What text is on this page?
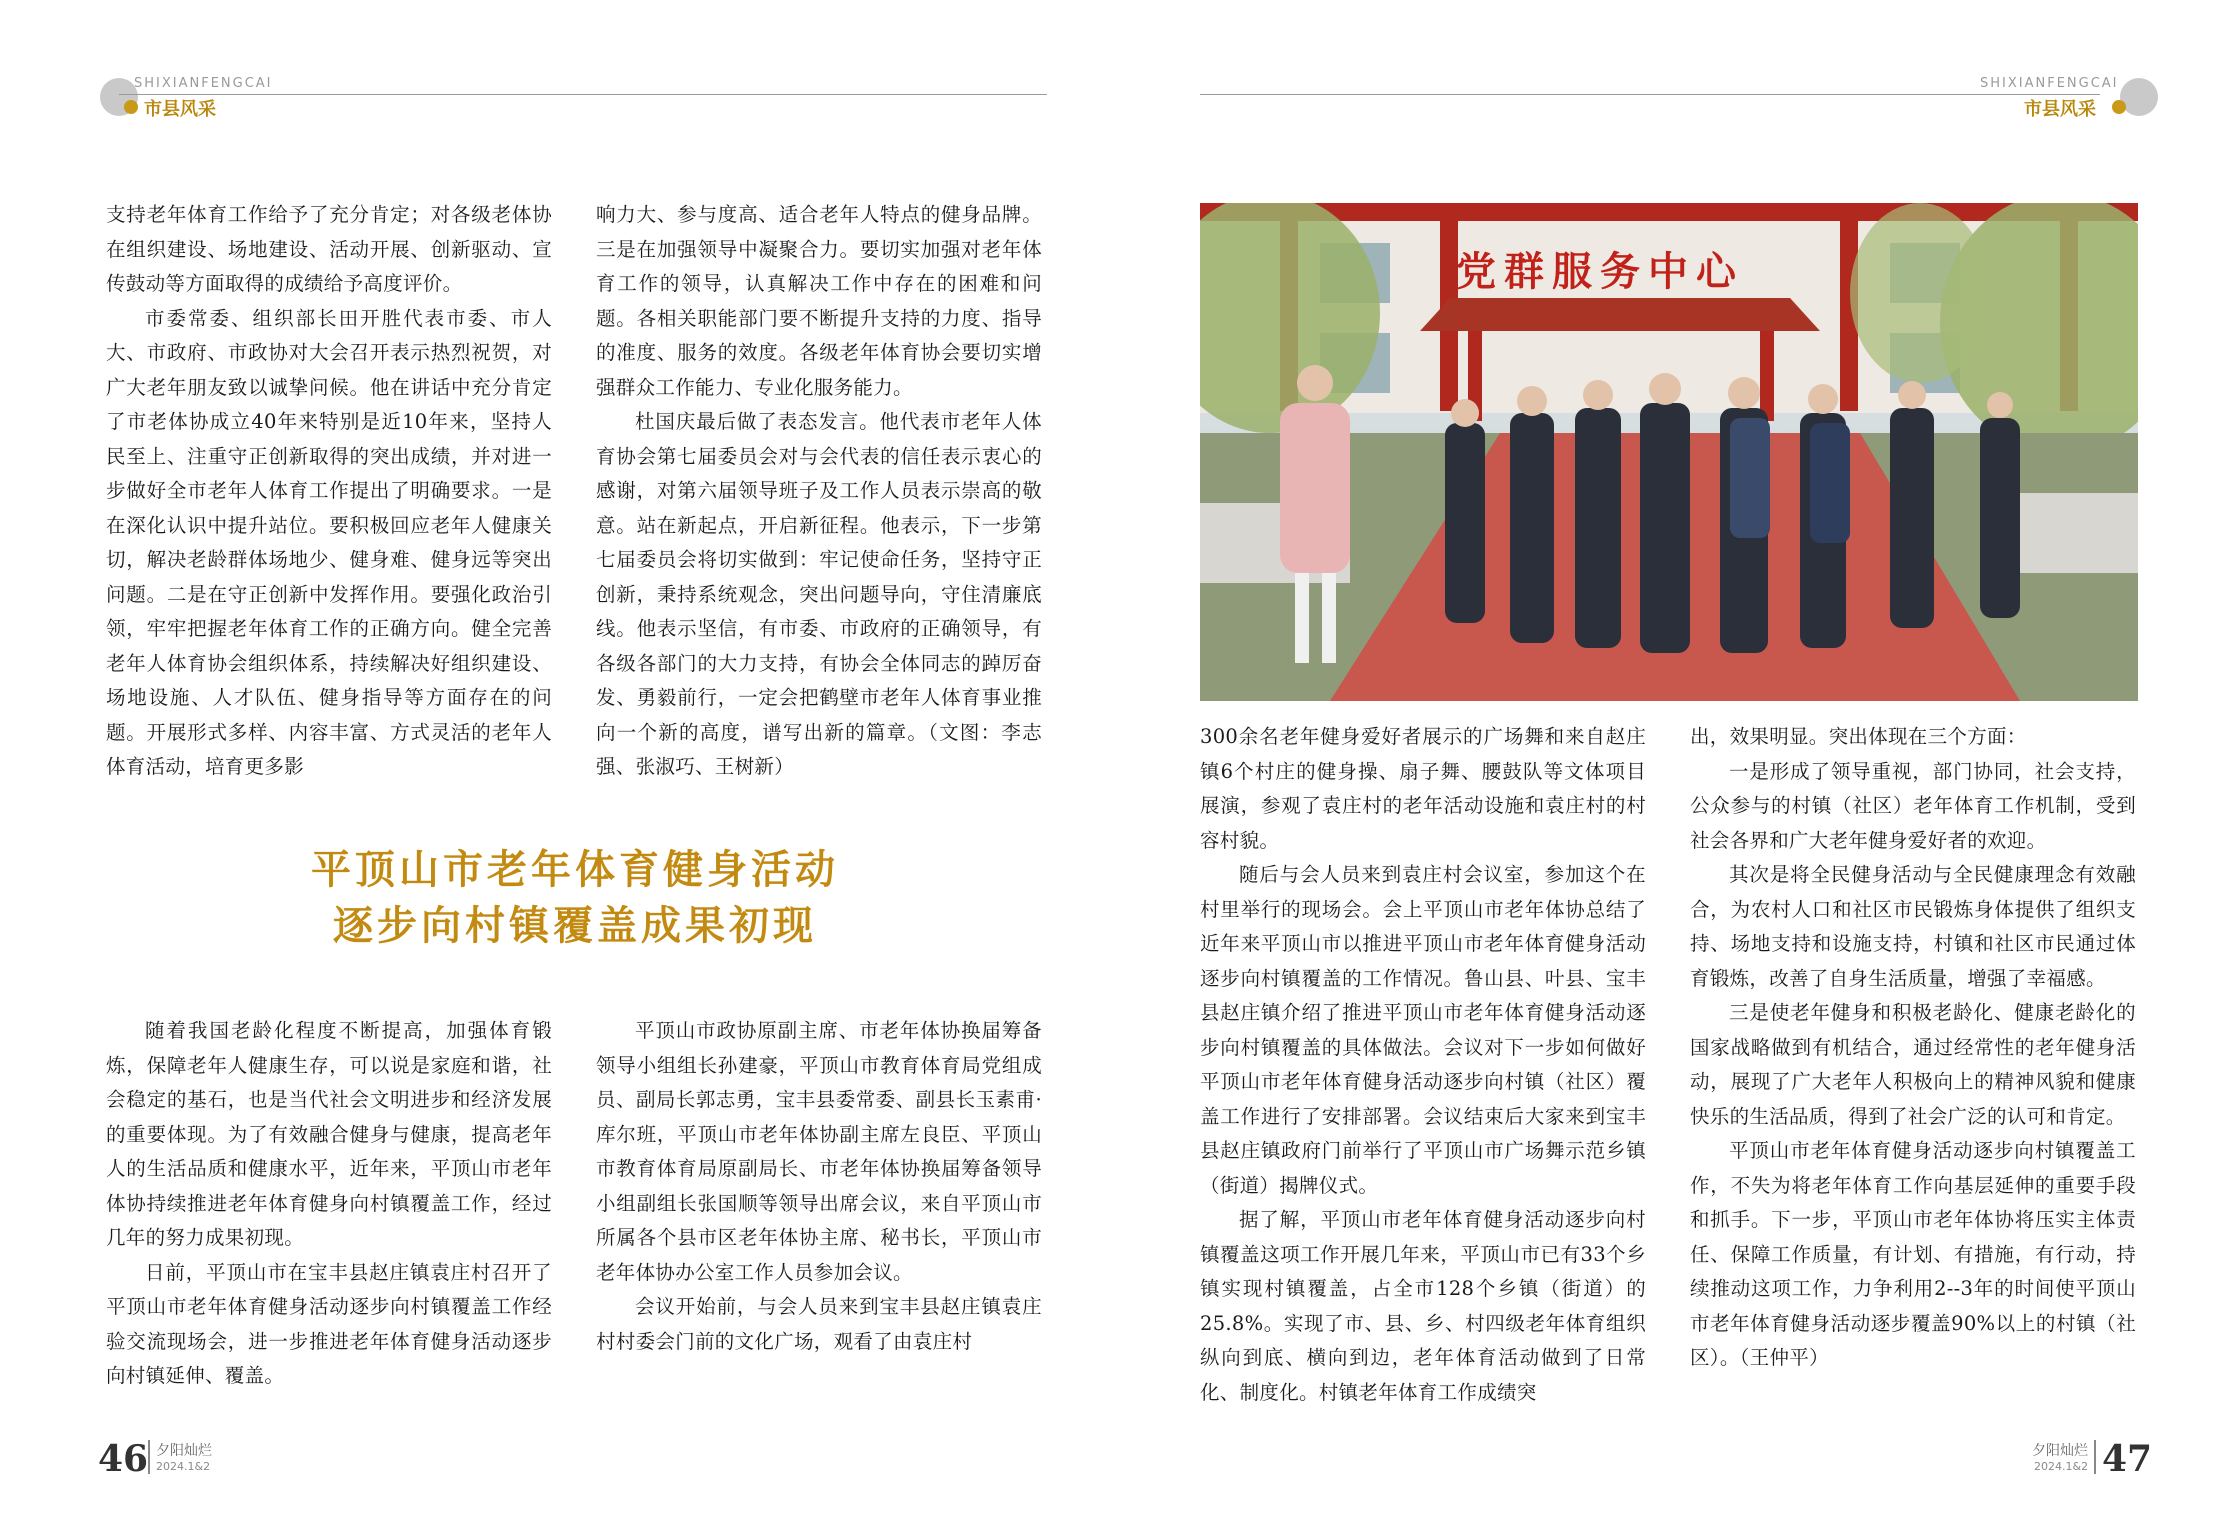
SHIXIANFENGCAI
市县风采

支持老年体育工作给予了充分肯定；对各级老体协在组织建设、场地建设、活动开展、创新驱动、宣传鼓动等方面取得的成绩给予高度评价。

市委常委、组织部长田开胜代表市委、市人大、市政府、市政协对大会召开表示热烈祝贺，对广大老年朋友致以诚挚问候。他在讲话中充分肯定了市老体协成立40年来特别是近10年来，坚持人民至上、注重守正创新取得的突出成绩，并对进一步做好全市老年人体育工作提出了明确要求。一是在深化认识中提升站位。要积极回应老年人健康关切，解决老龄群体场地少、健身难、健身远等突出问题。二是在守正创新中发挥作用。要强化政治引领，牢牢把握老年体育工作的正确方向。健全完善老年人体育协会组织体系，持续解决好组织建设、场地设施、人才队伍、健身指导等方面存在的问题。开展形式多样、内容丰富、方式灵活的老年人体育活动，培育更多影

响力大、参与度高、适合老年人特点的健身品牌。三是在加强领导中凝聚合力。要切实加强对老年体育工作的领导，认真解决工作中存在的困难和问题。各相关职能部门要不断提升支持的力度、指导的准度、服务的效度。各级老年体育协会要切实增强群众工作能力、专业化服务能力。

杜国庆最后做了表态发言。他代表市老年人体育协会第七届委员会对与会代表的信任表示衷心的感谢，对第六届领导班子及工作人员表示崇高的敬意。站在新起点，开启新征程。他表示，下一步第七届委员会将切实做到：牢记使命任务，坚持守正创新，秉持系统观念，突出问题导向，守住清廉底线。他表示坚信，有市委、市政府的正确领导，有各级各部门的大力支持，有协会全体同志的踔厉奋发、勇毅前行，一定会把鹤壁市老年人体育事业推向一个新的高度，谱写出新的篇章。（文图：李志强、张淑巧、王树新）

平顶山市老年体育健身活动
逐步向村镇覆盖成果初现

随着我国老龄化程度不断提高，加强体育锻炼，保障老年人健康生存，可以说是家庭和谐，社会稳定的基石，也是当代社会文明进步和经济发展的重要体现。为了有效融合健身与健康，提高老年人的生活品质和健康水平，近年来，平顶山市老年体协持续推进老年体育健身向村镇覆盖工作，经过几年的努力成果初现。

日前，平顶山市在宝丰县赵庄镇袁庄村召开了平顶山市老年体育健身活动逐步向村镇覆盖工作经验交流现场会，进一步推进老年体育健身活动逐步向村镇延伸、覆盖。

平顶山市政协原副主席、市老年体协换届筹备领导小组组长孙建豪，平顶山市教育体育局党组成员、副局长郭志勇，宝丰县委常委、副县长玉素甫·库尔班，平顶山市老年体协副主席左良臣、平顶山市教育体育局原副局长、市老年体协换届筹备领导小组副组长张国顺等领导出席会议，来自平顶山市所属各个县市区老年体协主席、秘书长，平顶山市老年体协办公室工作人员参加会议。

会议开始前，与会人员来到宝丰县赵庄镇袁庄村村委会门前的文化广场，观看了由袁庄村

46 夕阳灿烂
2024.1&2
SHIXIANFENGCAI
市县风采
党群服务中心

300余名老年健身爱好者展示的广场舞和来自赵庄镇6个村庄的健身操、扇子舞、腰鼓队等文体项目展演，参观了袁庄村的老年活动设施和袁庄村的村容村貌。

随后与会人员来到袁庄村会议室，参加这个在村里举行的现场会。会上平顶山市老年体协总结了近年来平顶山市以推进平顶山市老年体育健身活动逐步向村镇覆盖的工作情况。鲁山县、叶县、宝丰县赵庄镇介绍了推进平顶山市老年体育健身活动逐步向村镇覆盖的具体做法。会议对下一步如何做好平顶山市老年体育健身活动逐步向村镇（社区）覆盖工作进行了安排部署。会议结束后大家来到宝丰县赵庄镇政府门前举行了平顶山市广场舞示范乡镇（街道）揭牌仪式。

据了解，平顶山市老年体育健身活动逐步向村镇覆盖这项工作开展几年来，平顶山市已有33个乡镇实现村镇覆盖，占全市128个乡镇（街道）的25.8%。实现了市、县、乡、村四级老年体育组织纵向到底、横向到边，老年体育活动做到了日常化、制度化。村镇老年体育工作成绩突

出，效果明显。突出体现在三个方面：

一是形成了领导重视，部门协同，社会支持，公众参与的村镇（社区）老年体育工作机制，受到社会各界和广大老年健身爱好者的欢迎。

其次是将全民健身活动与全民健康理念有效融合，为农村人口和社区市民锻炼身体提供了组织支持、场地支持和设施支持，村镇和社区市民通过体育锻炼，改善了自身生活质量，增强了幸福感。

三是使老年健身和积极老龄化、健康老龄化的国家战略做到有机结合，通过经常性的老年健身活动，展现了广大老年人积极向上的精神风貌和健康快乐的生活品质，得到了社会广泛的认可和肯定。

平顶山市老年体育健身活动逐步向村镇覆盖工作，不失为将老年体育工作向基层延伸的重要手段和抓手。下一步，平顶山市老年体协将压实主体责任、保障工作质量，有计划、有措施，有行动，持续推动这项工作，力争利用2--3年的时间使平顶山市老年体育健身活动逐步覆盖90%以上的村镇（社区）。（王仲平）

夕阳灿烂
2024.1&2 47
